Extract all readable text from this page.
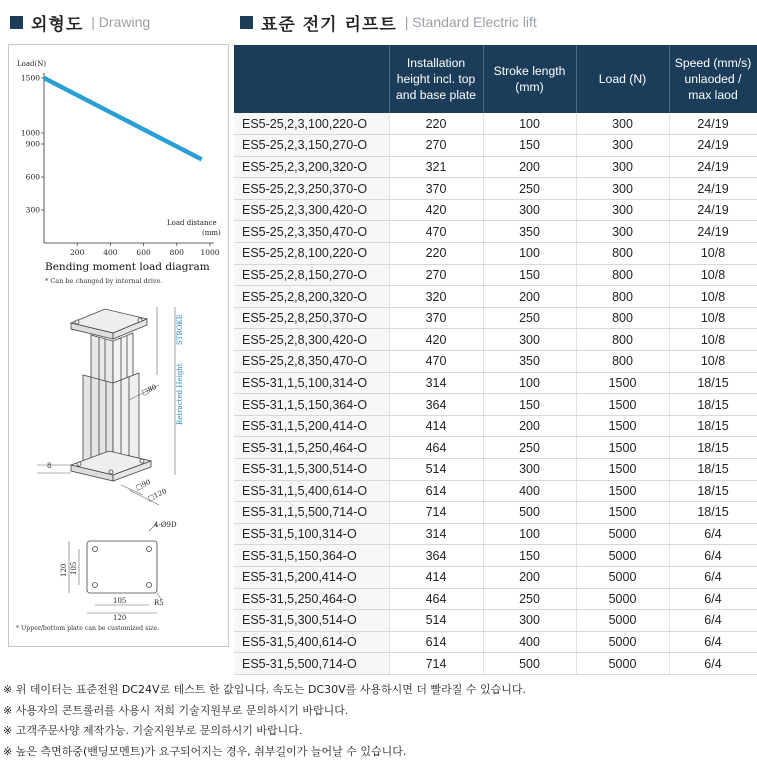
외형도 | Drawing	표준 전기 리프트 | Standard Electric lift
Load(N)
Load distance
(mm)
200	400	600	800 1000
300
600
900
1000
1500
STROKE
Retracted Height
□80
□90
□120
8
4-Ø9D
120 105
105
120
R5
Bending moment load diagram
* Can be changed by internal drive.
* Upper/bottom plate can be customized size.
	Installation height incl. top and base plate	Stroke length (mm)	Load (N)	Speed (mm/s) unlaoded / max laod
ES5-25,2,3,100,220-O	220	100	300	24/19
ES5-25,2,3,150,270-O	270	150	300	24/19
ES5-25,2,3,200,320-O	321	200	300	24/19
ES5-25,2,3,250,370-O	370	250	300	24/19
ES5-25,2,3,300,420-O	420	300	300	24/19
ES5-25,2,3,350,470-O	470	350	300	24/19
ES5-25,2,8,100,220-O	220	100	800	10/8
ES5-25,2,8,150,270-O	270	150	800	10/8
ES5-25,2,8,200,320-O	320	200	800	10/8
ES5-25,2,8,250,370-O	370	250	800	10/8
ES5-25,2,8,300,420-O	420	300	800	10/8
ES5-25,2,8,350,470-O	470	350	800	10/8
ES5-31,1,5,100,314-O	314	100	1500	18/15
ES5-31,1,5,150,364-O	364	150	1500	18/15
ES5-31,1,5,200,414-O	414	200	1500	18/15
ES5-31,1,5,250,464-O	464	250	1500	18/15
ES5-31,1,5,300,514-O	514	300	1500	18/15
ES5-31,1,5,400,614-O	614	400	1500	18/15
ES5-31,1,5,500,714-O	714	500	1500	18/15
ES5-31,5,100,314-O	314	100	5000	6/4
ES5-31,5,150,364-O	364	150	5000	6/4
ES5-31,5,200,414-O	414	200	5000	6/4
ES5-31,5,250,464-O	464	250	5000	6/4
ES5-31,5,300,514-O	514	300	5000	6/4
ES5-31,5,400,614-O	614	400	5000	6/4
ES5-31,5,500,714-O	714	500	5000	6/4
※ 위 데이터는 표준전원 DC24V로 테스트 한 값입니다. 속도는 DC30V를 사용하시면 더 빨라질 수 있습니다.
※ 사용자의 콘트롤러를 사용시 저희 기술지원부로 문의하시기 바랍니다.
※ 고객주문사양 제작가능. 기술지원부로 문의하시기 바랍니다.
※ 높은 측면하중(밴딩모멘트)가 요구되어지는 경우, 취부길이가 늘어날 수 있습니다.
